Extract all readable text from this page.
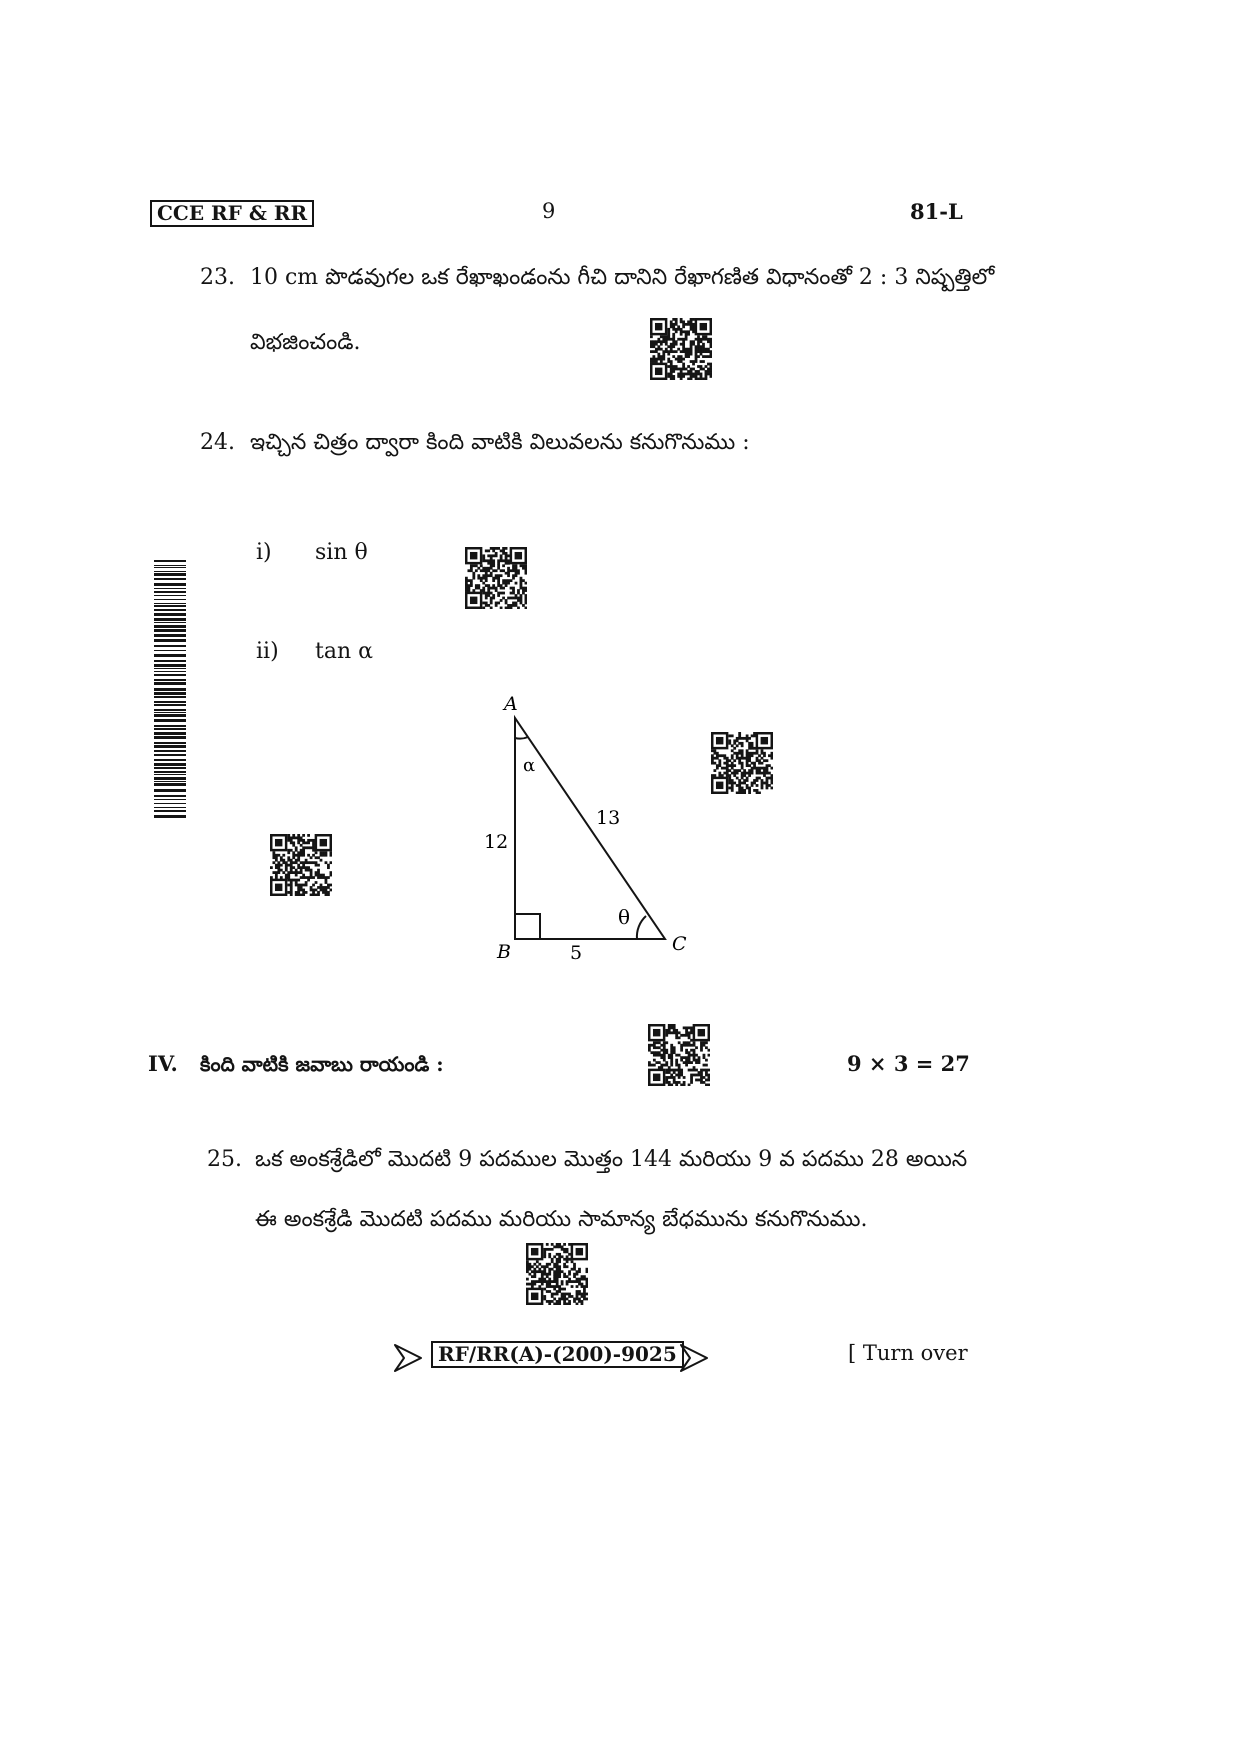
CCE RF & RR	9	81-L
23. 10 cm పొడవుగల ఒక రేఖాఖండంను గీచి దానిని రేఖాగణిత విధానంతో 2 : 3 నిష్పత్తిలో
విభజించండి.
24. ఇచ్చిన చిత్రం ద్వారా కింది వాటికి విలువలను కనుగొనుము :
i) sin θ
ii) tan α
A
B	C
α
θ
12
5
13
IV. కింది వాటికి జవాబు రాయండి :	9 × 3 = 27
25. ఒక అంకశ్రేడిలో మొదటి 9 పదముల మొత్తం 144 మరియు 9 వ పదము 28 అయిన
ఈ అంకశ్రేడి మొదటి పదము మరియు సామాన్య బేధమును కనుగొనుము.
RF/RR(A)-(200)-9025	[ Turn over
